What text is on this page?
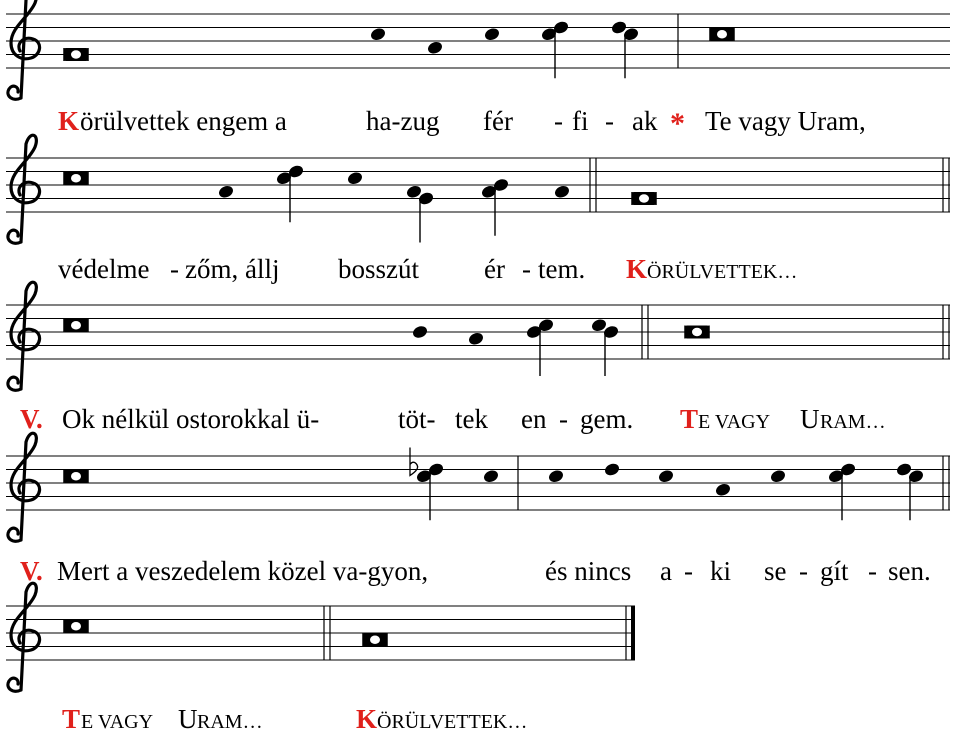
K örülvettek engem a	ha-zug fér - fi - ak * Te vagy Uram,
védelme - zőm, állj bosszút ér - tem. K ÖRÜLVETTEK…
V. Ok nélkül ostorokkal ü-	töt- tek en - gem. T E VAGY U RAM…
V. Mert a veszedelem közel va-gyon,	és nincs a - ki se - gít - sen.
T E VAGY U RAM…	K ÖRÜLVETTEK…
